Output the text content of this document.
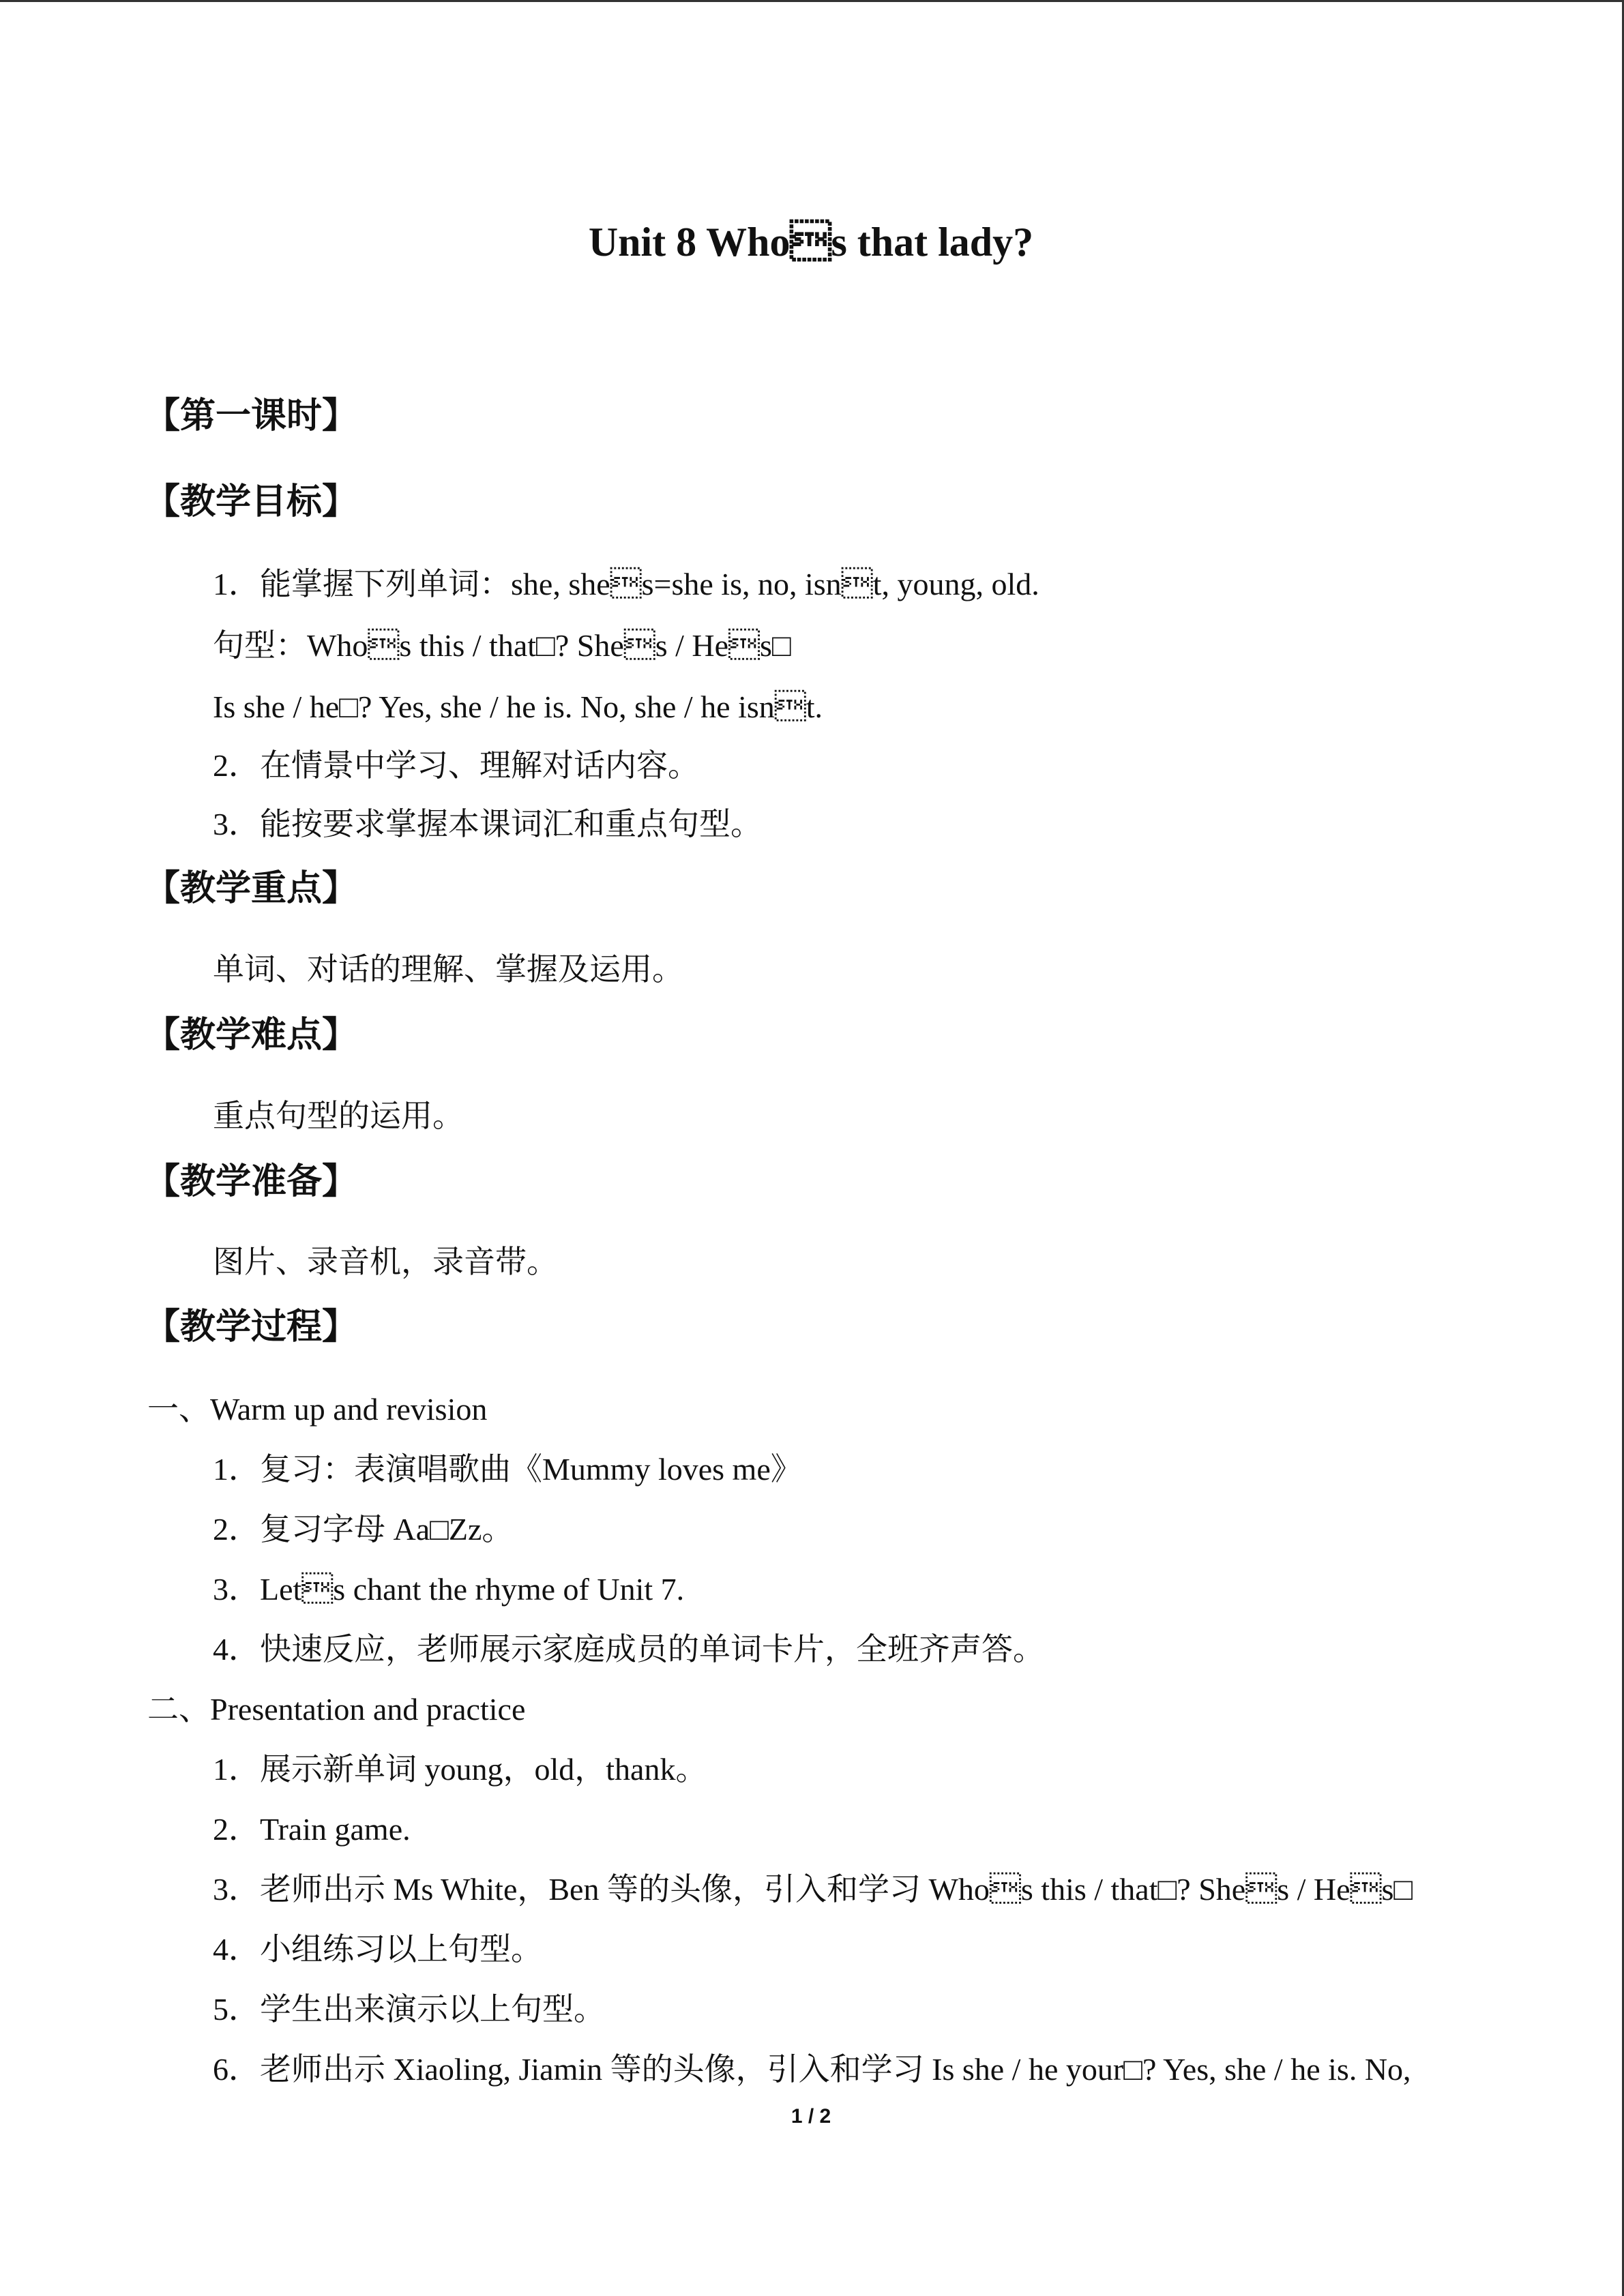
Unit 8 Whos that lady?
【第一课时】
【教学目标】
1．能掌握下列单词：she, shes=she is, no, isnt, young, old.
句型：Whos this / that□? Shes / Hes□
Is she / he□? Yes, she / he is. No, she / he isnt.
2．在情景中学习、理解对话内容。
3．能按要求掌握本课词汇和重点句型。
【教学重点】
单词、对话的理解、掌握及运用。
【教学难点】
重点句型的运用。
【教学准备】
图片、录音机，录音带。
【教学过程】
一、Warm up and revision
1．复习：表演唱歌曲《Mummy loves me》
2．复习字母 Aa□Zz。
3．Lets chant the rhyme of Unit 7.
4．快速反应，老师展示家庭成员的单词卡片，全班齐声答。
二、Presentation and practice
1．展示新单词 young，old，thank。
2．Train game.
3．老师出示 Ms White，Ben 等的头像，引入和学习 Whos this / that□? Shes / Hes□
4．小组练习以上句型。
5．学生出来演示以上句型。
6．老师出示 Xiaoling, Jiamin 等的头像，引入和学习 Is she / he your□? Yes, she / he is. No,
1 / 2
